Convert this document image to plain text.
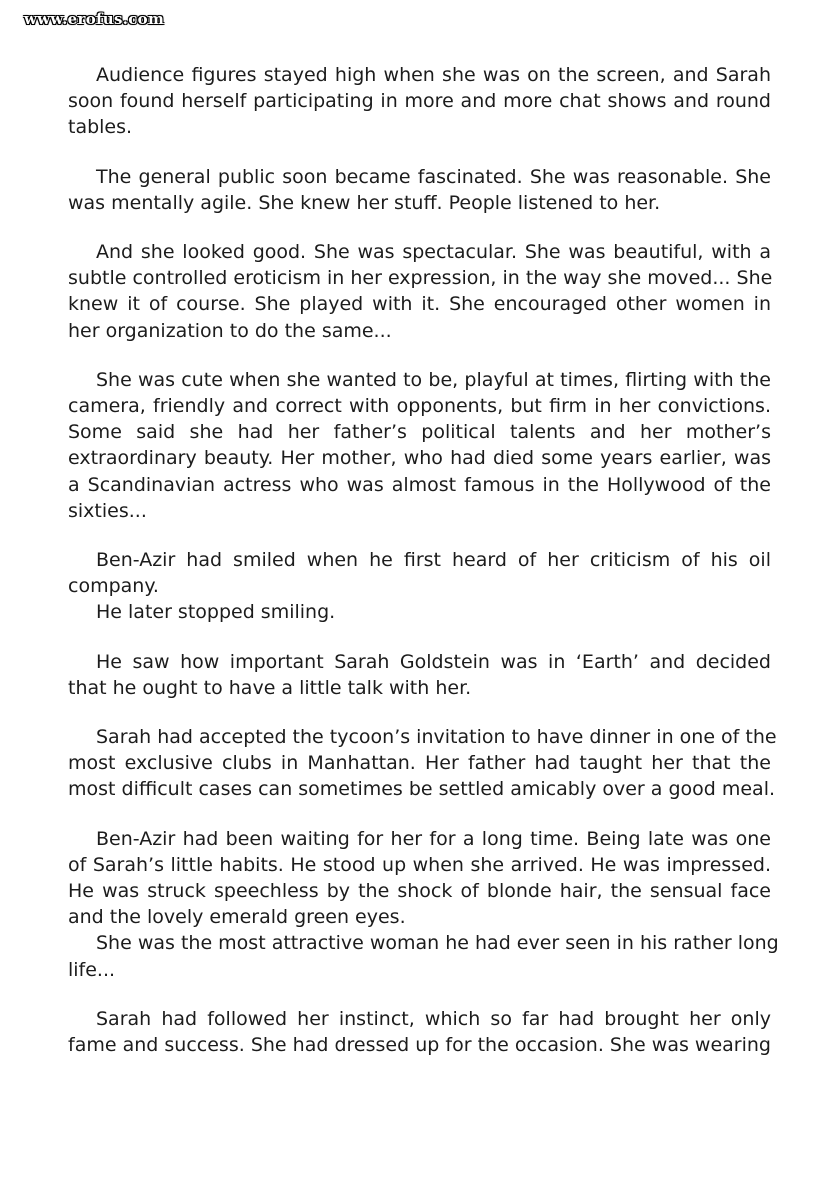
www.erofus.com

Audience figures stayed high when she was on the screen, and Sarah
soon found herself participating in more and more chat shows and round
tables.

The general public soon became fascinated. She was reasonable. She
was mentally agile. She knew her stuff. People listened to her.

And she looked good. She was spectacular. She was beautiful, with a
subtle controlled eroticism in her expression, in the way she moved... She
knew it of course. She played with it. She encouraged other women in
her organization to do the same...

She was cute when she wanted to be, playful at times, flirting with the
camera, friendly and correct with opponents, but firm in her convictions.
Some said she had her father’s political talents and her mother’s
extraordinary beauty. Her mother, who had died some years earlier, was
a Scandinavian actress who was almost famous in the Hollywood of the
sixties...

Ben-Azir had smiled when he first heard of her criticism of his oil
company.
He later stopped smiling.

He saw how important Sarah Goldstein was in ‘Earth’ and decided
that he ought to have a little talk with her.

Sarah had accepted the tycoon’s invitation to have dinner in one of the
most exclusive clubs in Manhattan. Her father had taught her that the
most difficult cases can sometimes be settled amicably over a good meal.

Ben-Azir had been waiting for her for a long time. Being late was one
of Sarah’s little habits. He stood up when she arrived. He was impressed.
He was struck speechless by the shock of blonde hair, the sensual face
and the lovely emerald green eyes.
She was the most attractive woman he had ever seen in his rather long
life...

Sarah had followed her instinct, which so far had brought her only
fame and success. She had dressed up for the occasion. She was wearing
